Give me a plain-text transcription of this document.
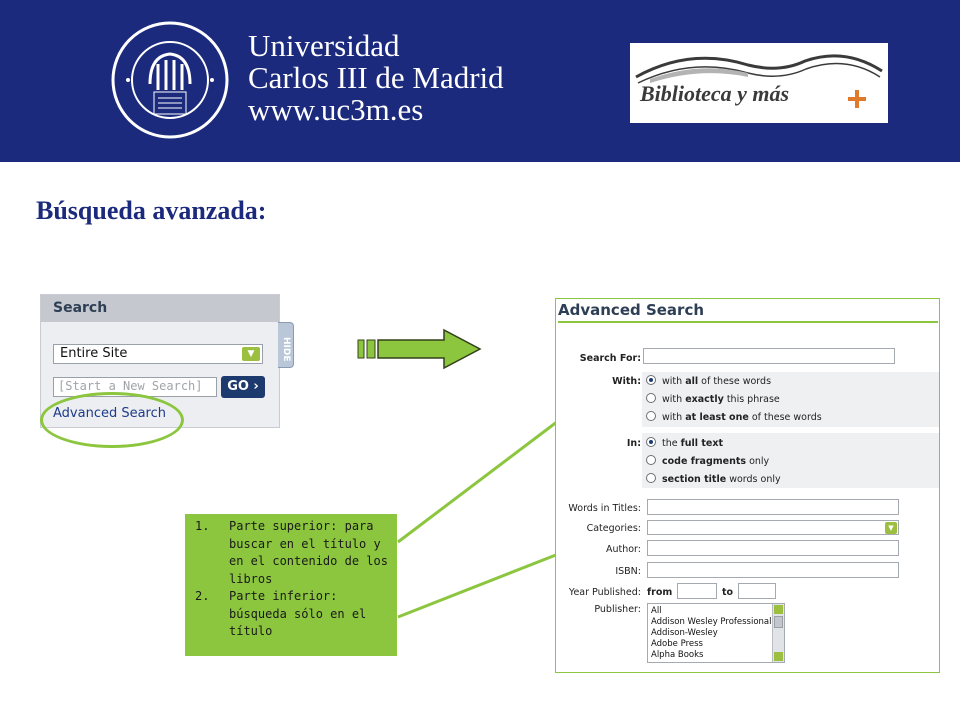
Universidad
Carlos III de Madrid
www.uc3m.es	Biblioteca y más
Búsqueda avanzada:
Search
Entire Site	▼
[Start a New Search]	GO ›
Advanced Search
HIDE
1.	Parte superior: para buscar en el título y en el contenido de los libros
2.	Parte inferior: búsqueda sólo en el título
Advanced Search
Search For:
With:	with all of these words
with exactly this phrase
with at least one of these words
In:	the full text
code fragments only
section title words only
Words in Titles:
Categories:	▼
Author:
ISBN:
Year Published: from	to
Publisher: All
Addison Wesley Professional
Addison-Wesley
Adobe Press
Alpha Books
